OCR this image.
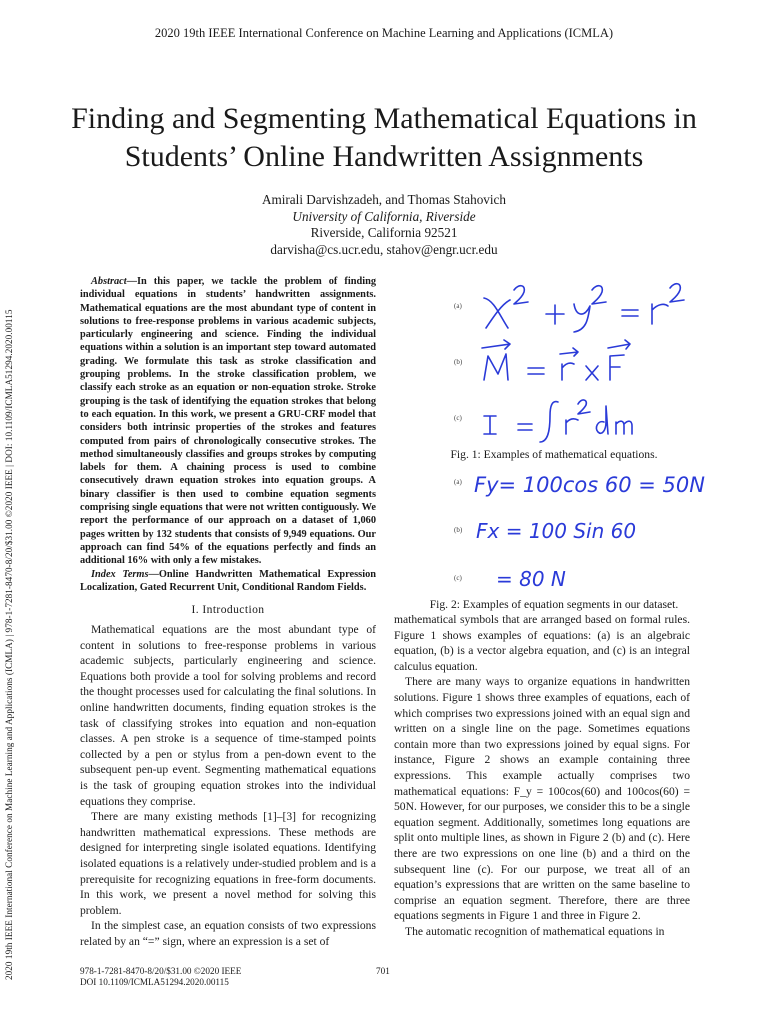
2020 19th IEEE International Conference on Machine Learning and Applications (ICMLA)
2020 19th IEEE International Conference on Machine Learning and Applications (ICMLA) | 978-1-7281-8470-8/20/$31.00 ©2020 IEEE | DOI: 10.1109/ICMLA51294.2020.00115
Finding and Segmenting Mathematical Equations in
Students’ Online Handwritten Assignments
Amirali Darvishzadeh, and Thomas Stahovich
University of California, Riverside
Riverside, California 92521
darvisha@cs.ucr.edu, stahov@engr.ucr.edu

Abstract—In this paper, we tackle the problem of finding individual equations in students’ handwritten assignments. Mathematical equations are the most abundant type of content in solutions to free-response problems in various academic subjects, particularly engineering and science. Finding the individual equations within a solution is an important step toward automated grading. We formulate this task as stroke classification and grouping problems. In the stroke classification problem, we classify each stroke as an equation or non-equation stroke. Stroke grouping is the task of identifying the equation strokes that belong to each equation. In this work, we present a GRU-CRF model that considers both intrinsic properties of the strokes and features computed from pairs of chronologically consecutive strokes. The method simultaneously classifies and groups strokes by computing labels for them. A chaining process is used to combine consecutively drawn equation strokes into equation groups. A binary classifier is then used to combine equation segments comprising single equations that were not written contiguously. We report the performance of our approach on a dataset of 1,060 pages written by 132 students that consists of 9,949 equations. Our approach can find 54% of the equations perfectly and finds an additional 16% with only a few mistakes.

Index Terms—Online Handwritten Mathematical Expression Localization, Gated Recurrent Unit, Conditional Random Fields.

I. Introduction

Mathematical equations are the most abundant type of content in solutions to free-response problems in various academic subjects, particularly engineering and science. Equations both provide a tool for solving problems and record the thought processes used for calculating the final solutions. In online handwritten documents, finding equation strokes is the task of classifying strokes into equation and non-equation classes. A pen stroke is a sequence of time-stamped points collected by a pen or stylus from a pen-down event to the subsequent pen-up event. Segmenting mathematical equations is the task of grouping equation strokes into the individual equations they comprise.

There are many existing methods [1]–[3] for recognizing handwritten mathematical expressions. These methods are designed for interpreting single isolated equations. Identifying isolated equations is a relatively under-studied problem and is a prerequisite for recognizing equations in free-form documents. In this work, we present a novel method for solving this problem.

In the simplest case, an equation consists of two expressions related by an “=” sign, where an expression is a set of

mathematical symbols that are arranged based on formal rules. Figure 1 shows examples of equations: (a) is an algebraic equation, (b) is a vector algebra equation, and (c) is an integral calculus equation.

There are many ways to organize equations in handwritten solutions. Figure 1 shows three examples of equations, each of which comprises two expressions joined with an equal sign and written on a single line on the page. Sometimes equations contain more than two expressions joined by equal signs. For instance, Figure 2 shows an example containing three expressions. This example actually comprises two mathematical equations: F_y = 100cos(60) and 100cos(60) = 50N. However, for our purposes, we consider this to be a single equation segment. Additionally, sometimes long equations are split onto multiple lines, as shown in Figure 2 (b) and (c). Here there are two expressions on one line (b) and a third on the subsequent line (c). For our purpose, we treat all of an equation’s expressions that are written on the same baseline to comprise an equation segment. Therefore, there are three equations segments in Figure 1 and three in Figure 2.

The automatic recognition of mathematical equations in

(a)
(b)
(c)
Fig. 1: Examples of mathematical equations.
(a) Fy= 100cos 60 = 50N
(b) Fx = 100 Sin 60
(c) = 80 N
Fig. 2: Examples of equation segments in our dataset.
978-1-7281-8470-8/20/$31.00 ©2020 IEEE
DOI 10.1109/ICMLA51294.2020.00115
701
